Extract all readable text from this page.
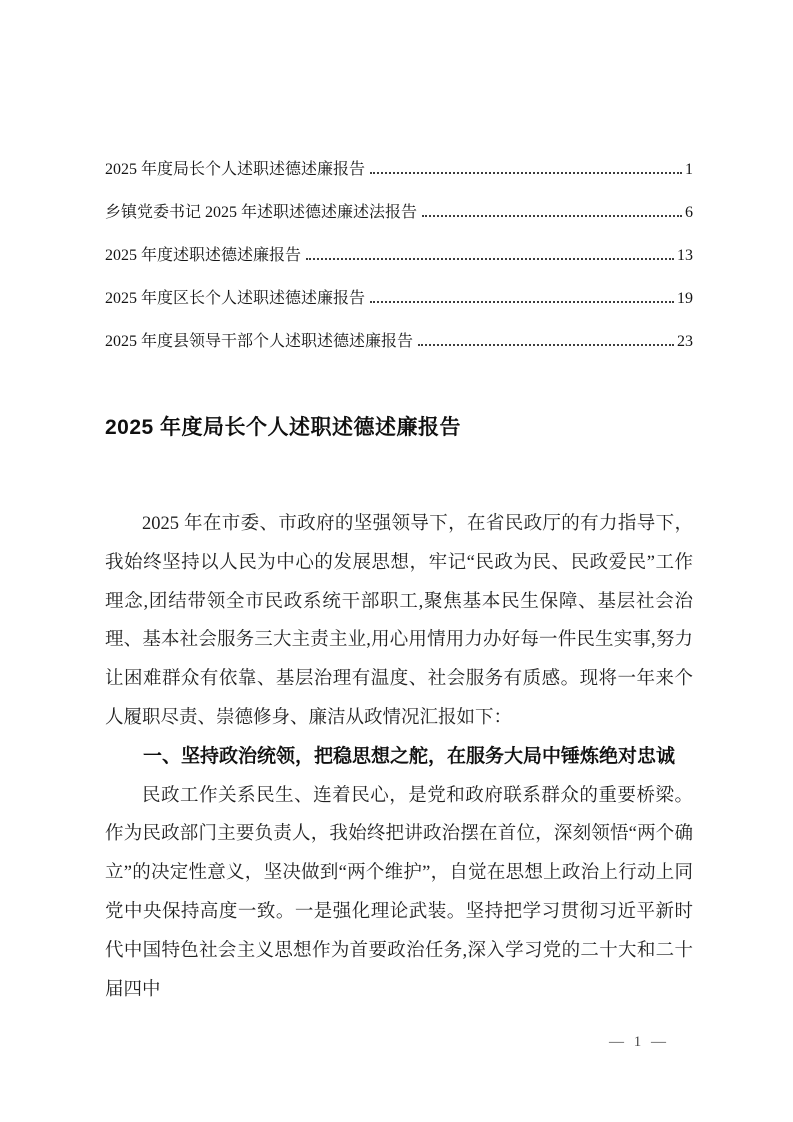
2025 年度局长个人述职述德述廉报告	1
乡镇党委书记 2025 年述职述德述廉述法报告	6
2025 年度述职述德述廉报告	13
2025 年度区长个人述职述德述廉报告	19
2025 年度县领导干部个人述职述德述廉报告	23
2025 年度局长个人述职述德述廉报告

2025 年在市委、市政府的坚强领导下，在省民政厅的有力指导下，我始终坚持以人民为中心的发展思想，牢记“民政为民、民政爱民”工作理念,团结带领全市民政系统干部职工,聚焦基本民生保障、基层社会治理、基本社会服务三大主责主业,用心用情用力办好每一件民生实事,努力让困难群众有依靠、基层治理有温度、社会服务有质感。现将一年来个人履职尽责、崇德修身、廉洁从政情况汇报如下：

一、坚持政治统领，把稳思想之舵，在服务大局中锤炼绝对忠诚

民政工作关系民生、连着民心，是党和政府联系群众的重要桥梁。作为民政部门主要负责人，我始终把讲政治摆在首位，深刻领悟“两个确立”的决定性意义，坚决做到“两个维护”，自觉在思想上政治上行动上同党中央保持高度一致。一是强化理论武装。坚持把学习贯彻习近平新时代中国特色社会主义思想作为首要政治任务,深入学习党的二十大和二十届四中

— 1 —
